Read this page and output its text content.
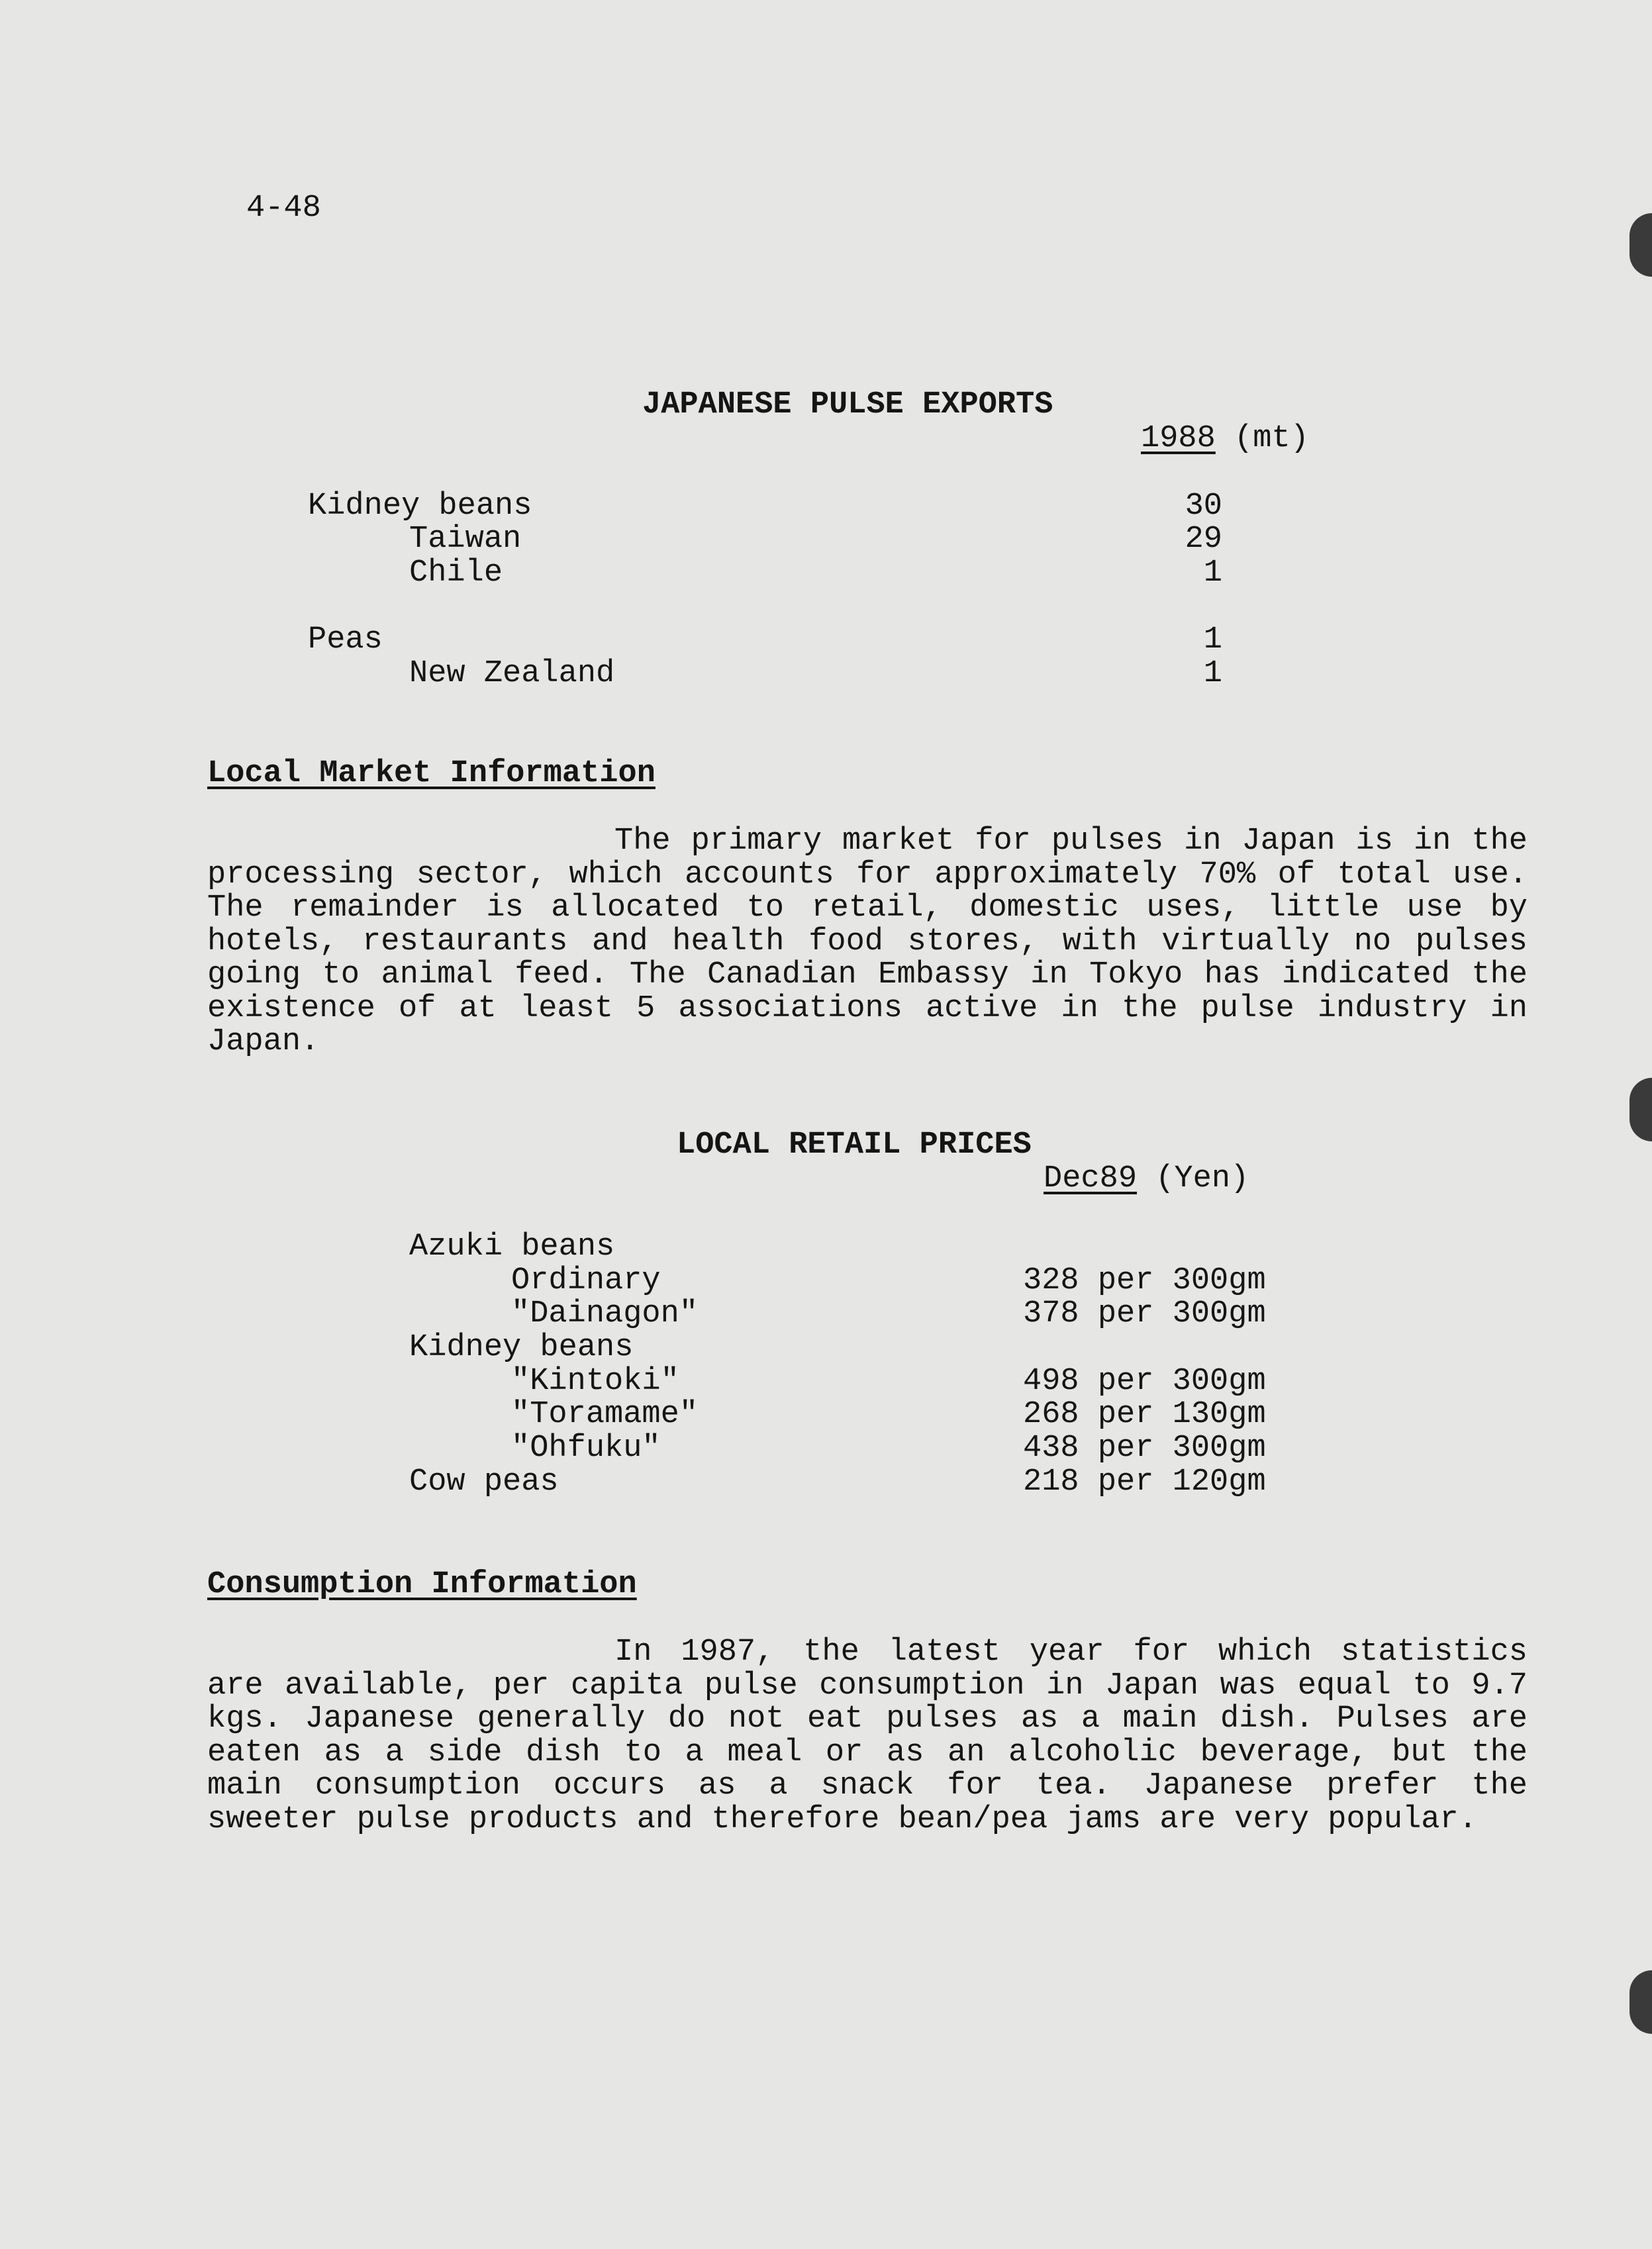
4-48
JAPANESE PULSE EXPORTS
1988 (mt)
Kidney beans	30
Taiwan	29
Chile	1
Peas	1
New Zealand	1
Local Market Information

The primary market for pulses in Japan is in the processing sector, which accounts for approximately 70% of total use. The remainder is allocated to retail, domestic uses, little use by hotels, restaurants and health food stores, with virtually no pulses going to animal feed. The Canadian Embassy in Tokyo has indicated the existence of at least 5 associations active in the pulse industry in Japan.

LOCAL RETAIL PRICES
Dec89 (Yen)
Azuki beans
Ordinary	328 per 300gm
"Dainagon"	378 per 300gm
Kidney beans
"Kintoki"	498 per 300gm
"Toramame"	268 per 130gm
"Ohfuku"	438 per 300gm
Cow peas	218 per 120gm
Consumption Information

In 1987, the latest year for which statistics are available, per capita pulse consumption in Japan was equal to 9.7 kgs. Japanese generally do not eat pulses as a main dish. Pulses are eaten as a side dish to a meal or as an alcoholic beverage, but the main consumption occurs as a snack for tea. Japanese prefer the sweeter pulse products and therefore bean/pea jams are very popular.
